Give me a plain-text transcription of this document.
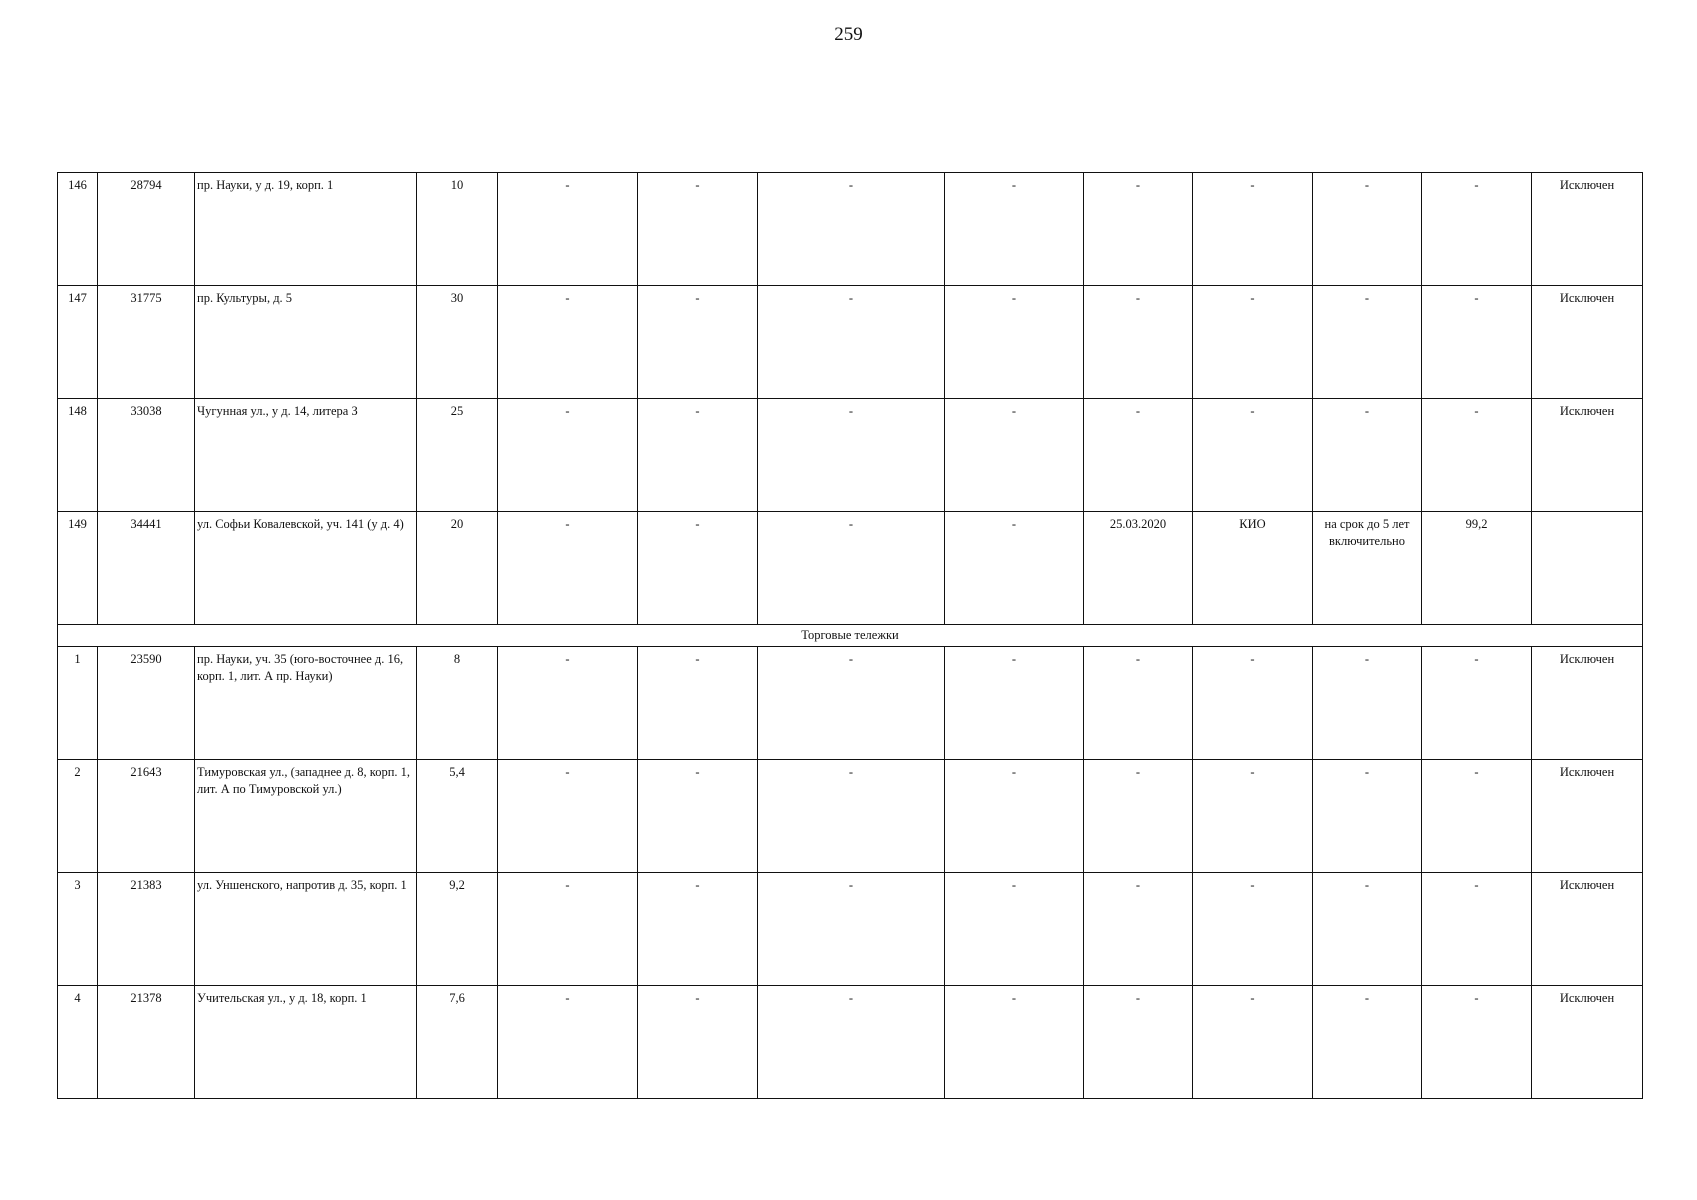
259
146	28794	пр. Науки, у д. 19, корп. 1	10	-	-	-	-	-	-	-	-	Исключен
147	31775	пр. Культуры, д. 5	30	-	-	-	-	-	-	-	-	Исключен
148	33038	Чугунная ул., у д. 14, литера З	25	-	-	-	-	-	-	-	-	Исключен
149	34441	ул. Софьи Ковалевской, уч. 141 (у д. 4)	20	-	-	-	-	25.03.2020	КИО	на срок до 5 лет включительно	99,2	
Торговые тележки												
1	23590	пр. Науки, уч. 35 (юго-восточнее д. 16, корп. 1, лит. А пр. Науки)	8	-	-	-	-	-	-	-	-	Исключен
2	21643	Тимуровская ул., (западнее д. 8, корп. 1, лит. А по Тимуровской ул.)	5,4	-	-	-	-	-	-	-	-	Исключен
3	21383	ул. Уншенского, напротив д. 35, корп. 1	9,2	-	-	-	-	-	-	-	-	Исключен
4	21378	Учительская ул., у д. 18, корп. 1	7,6	-	-	-	-	-	-	-	-	Исключен
